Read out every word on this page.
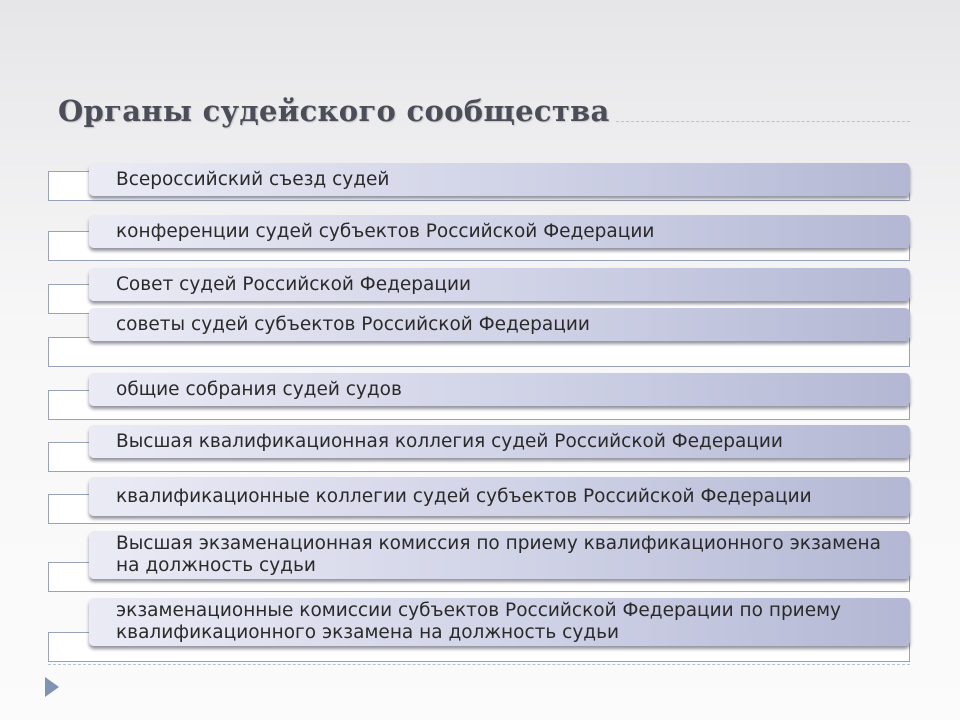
Органы судейского сообщества
Всероссийский съезд судей
конференции судей субъектов Российской Федерации
Совет судей Российской Федерации
советы судей субъектов Российской Федерации
общие собрания судей судов
Высшая квалификационная коллегия судей Российской Федерации
квалификационные коллегии судей субъектов Российской Федерации
Высшая экзаменационная комиссия по приему квалификационного экзамена на должность судьи
экзаменационные комиссии субъектов Российской Федерации по приему квалификационного экзамена на должность судьи
